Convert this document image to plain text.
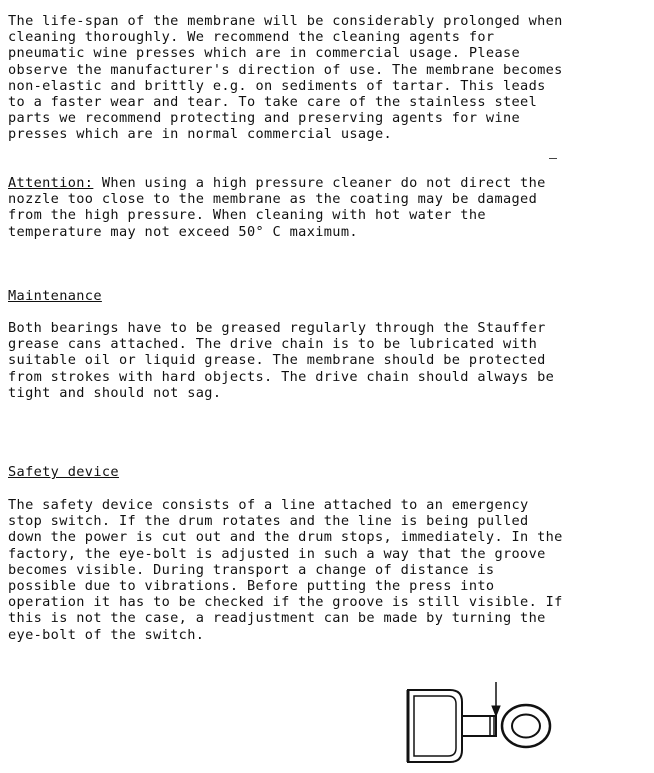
The life-span of the membrane will be considerably prolonged when
cleaning thoroughly. We recommend the cleaning agents for
pneumatic wine presses which are in commercial usage. Please
observe the manufacturer's direction of use. The membrane becomes
non-elastic and brittly e.g. on sediments of tartar. This leads
to a faster wear and tear. To take care of the stainless steel
parts we recommend protecting and preserving agents for wine
presses which are in normal commercial usage.
Attention: When using a high pressure cleaner do not direct the
nozzle too close to the membrane as the coating may be damaged
from the high pressure. When cleaning with hot water the
temperature may not exceed 50° C maximum.
Maintenance
Both bearings have to be greased regularly through the Stauffer
grease cans attached. The drive chain is to be lubricated with
suitable oil or liquid grease. The membrane should be protected
from strokes with hard objects. The drive chain should always be
tight and should not sag.
Safety device
The safety device consists of a line attached to an emergency
stop switch. If the drum rotates and the line is being pulled
down the power is cut out and the drum stops, immediately. In the
factory, the eye-bolt is adjusted in such a way that the groove
becomes visible. During transport a change of distance is
possible due to vibrations. Before putting the press into
operation it has to be checked if the groove is still visible. If
this is not the case, a readjustment can be made by turning the
eye-bolt of the switch.
